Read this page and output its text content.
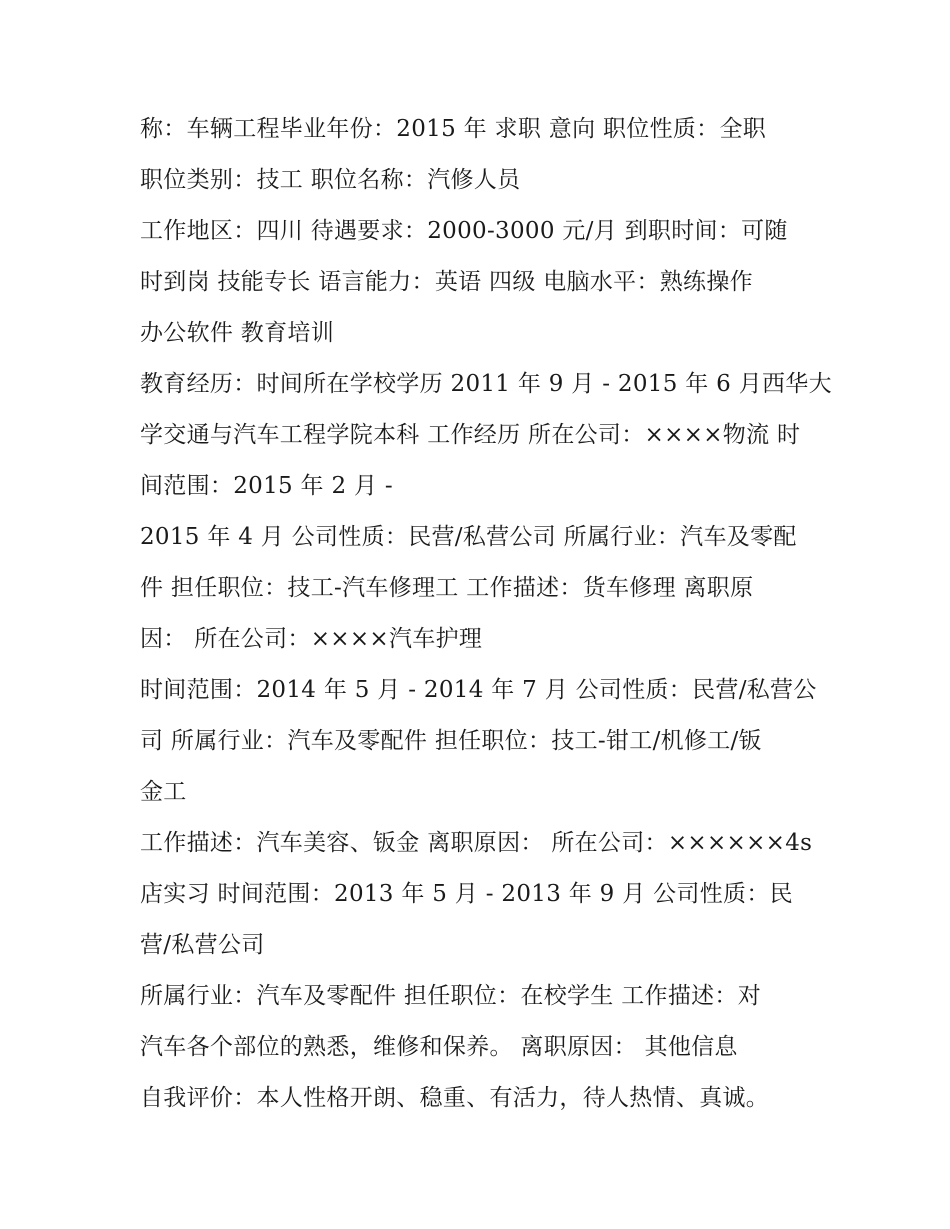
称：车辆工程毕业年份：2015 年 求职 意向 职位性质：全职
职位类别：技工 职位名称：汽修人员
工作地区：四川 待遇要求：2000-3000 元/月 到职时间：可随
时到岗 技能专长 语言能力：英语 四级 电脑水平：熟练操作
办公软件 教育培训
教育经历：时间所在学校学历 2011 年 9 月 - 2015 年 6 月西华大
学交通与汽车工程学院本科 工作经历 所在公司：××××物流 时
间范围：2015 年 2 月 -
2015 年 4 月 公司性质：民营/私营公司 所属行业：汽车及零配
件 担任职位：技工-汽车修理工 工作描述：货车修理 离职原
因： 所在公司：××××汽车护理
时间范围：2014 年 5 月 - 2014 年 7 月 公司性质：民营/私营公
司 所属行业：汽车及零配件 担任职位：技工-钳工/机修工/钣
金工
工作描述：汽车美容、钣金 离职原因： 所在公司：××××××4s
店实习 时间范围：2013 年 5 月 - 2013 年 9 月 公司性质：民
营/私营公司
所属行业：汽车及零配件 担任职位：在校学生 工作描述：对
汽车各个部位的熟悉，维修和保养。 离职原因： 其他信息
自我评价：本人性格开朗、稳重、有活力，待人热情、真诚。
